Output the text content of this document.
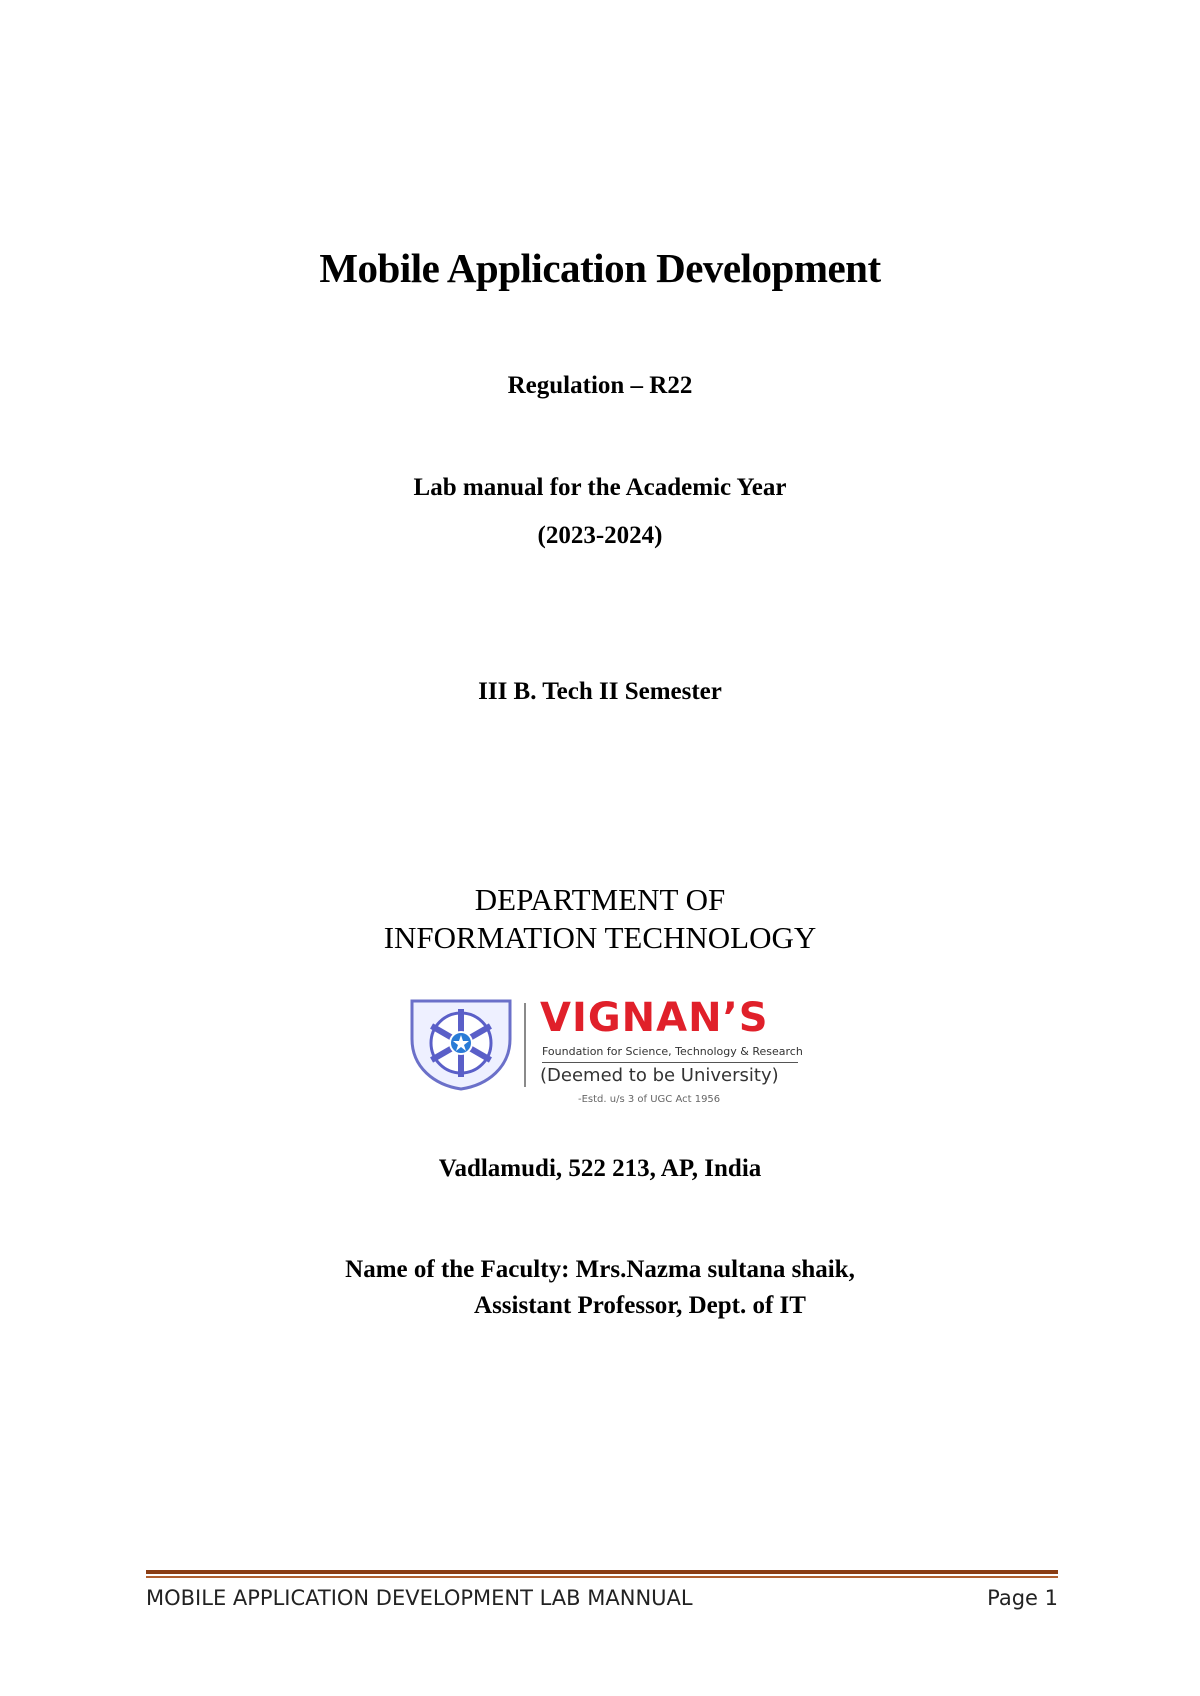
Mobile Application Development
Regulation – R22
Lab manual for the Academic Year
(2023-2024)
III B. Tech II Semester
DEPARTMENT OF
INFORMATION TECHNOLOGY
VIGNAN’S
Foundation for Science, Technology & Research
(Deemed to be University)
-Estd. u/s 3 of UGC Act 1956
Vadlamudi, 522 213, AP, India
Name of the Faculty: Mrs.Nazma sultana shaik,
Assistant Professor, Dept. of IT
MOBILE APPLICATION DEVELOPMENT LAB MANNUAL	Page 1
